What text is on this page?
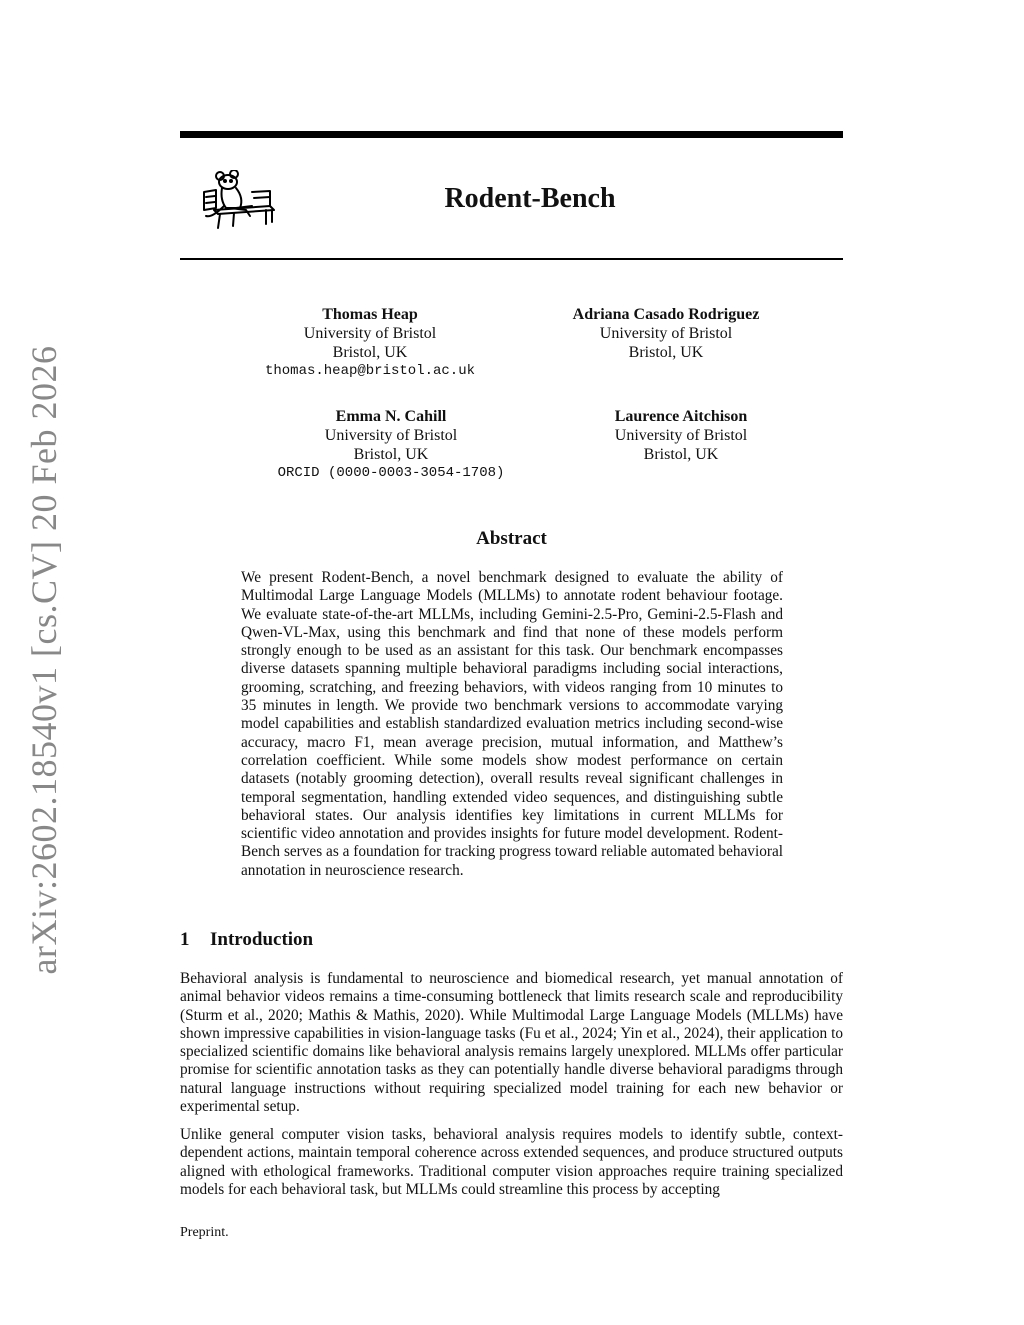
arXiv:2602.18540v1 [cs.CV] 20 Feb 2026
Rodent-Bench
Thomas Heap
University of Bristol
Bristol, UK
thomas.heap@bristol.ac.uk
Adriana Casado Rodriguez
University of Bristol
Bristol, UK
Emma N. Cahill
University of Bristol
Bristol, UK
ORCID (0000-0003-3054-1708)
Laurence Aitchison
University of Bristol
Bristol, UK
Abstract
We present Rodent-Bench, a novel benchmark designed to evaluate the ability of Multimodal Large Language Models (MLLMs) to annotate rodent behaviour footage. We evaluate state-of-the-art MLLMs, including Gemini-2.5-Pro, Gemini-2.5-Flash and Qwen-VL-Max, using this benchmark and find that none of these models perform strongly enough to be used as an assistant for this task. Our benchmark encompasses diverse datasets spanning multiple behavioral paradigms including social interactions, grooming, scratching, and freezing behaviors, with videos ranging from 10 minutes to 35 minutes in length. We provide two benchmark versions to accommodate varying model capabilities and establish standardized evaluation metrics including second-wise accuracy, macro F1, mean average precision, mutual information, and Matthew’s correlation coefficient. While some models show modest performance on certain datasets (notably grooming detection), overall results reveal significant challenges in temporal segmentation, handling extended video sequences, and distinguishing subtle behavioral states. Our analysis identifies key limitations in current MLLMs for scientific video annotation and provides insights for future model development. Rodent-Bench serves as a foundation for tracking progress toward reliable automated behavioral annotation in neuroscience research.
1 Introduction
Behavioral analysis is fundamental to neuroscience and biomedical research, yet manual annotation of animal behavior videos remains a time-consuming bottleneck that limits research scale and reproducibility (Sturm et al., 2020; Mathis & Mathis, 2020). While Multimodal Large Language Models (MLLMs) have shown impressive capabilities in vision-language tasks (Fu et al., 2024; Yin et al., 2024), their application to specialized scientific domains like behavioral analysis remains largely unexplored. MLLMs offer particular promise for scientific annotation tasks as they can potentially handle diverse behavioral paradigms through natural language instructions without requiring specialized model training for each new behavior or experimental setup.
Unlike general computer vision tasks, behavioral analysis requires models to identify subtle, context-dependent actions, maintain temporal coherence across extended sequences, and produce structured outputs aligned with ethological frameworks. Traditional computer vision approaches require training specialized models for each behavioral task, but MLLMs could streamline this process by accepting
Preprint.
